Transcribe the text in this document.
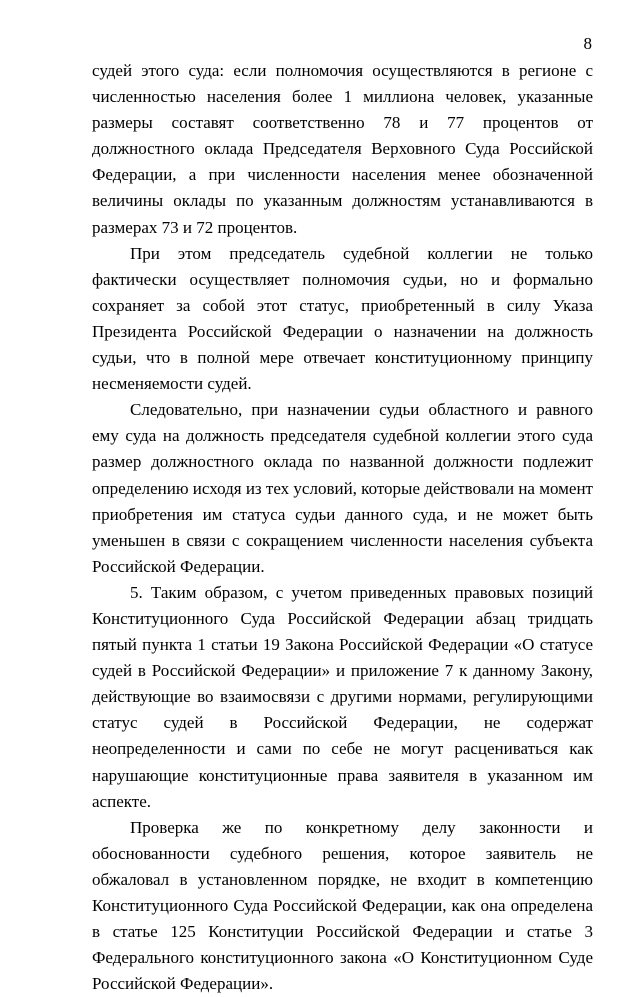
8

судей этого суда: если полномочия осуществляются в регионе с численностью населения более 1 миллиона человек, указанные размеры составят соответственно 78 и 77 процентов от должностного оклада Председателя Верховного Суда Российской Федерации, а при численности населения менее обозначенной величины оклады по указанным должностям устанавливаются в размерах 73 и 72 процентов.

При этом председатель судебной коллегии не только фактически осуществляет полномочия судьи, но и формально сохраняет за собой этот статус, приобретенный в силу Указа Президента Российской Федерации о назначении на должность судьи, что в полной мере отвечает конституционному принципу несменяемости судей.

Следовательно, при назначении судьи областного и равного ему суда на должность председателя судебной коллегии этого суда размер должностного оклада по названной должности подлежит определению исходя из тех условий, которые действовали на момент приобретения им статуса судьи данного суда, и не может быть уменьшен в связи с сокращением численности населения субъекта Российской Федерации.

5. Таким образом, с учетом приведенных правовых позиций Конституционного Суда Российской Федерации абзац тридцать пятый пункта 1 статьи 19 Закона Российской Федерации «О статусе судей в Российской Федерации» и приложение 7 к данному Закону, действующие во взаимосвязи с другими нормами, регулирующими статус судей в Российской Федерации, не содержат неопределенности и сами по себе не могут расцениваться как нарушающие конституционные права заявителя в указанном им аспекте.

Проверка же по конкретному делу законности и обоснованности судебного решения, которое заявитель не обжаловал в установленном порядке, не входит в компетенцию Конституционного Суда Российской Федерации, как она определена в статье 125 Конституции Российской Федерации и статье 3 Федерального конституционного закона «О Конституционном Суде Российской Федерации».
